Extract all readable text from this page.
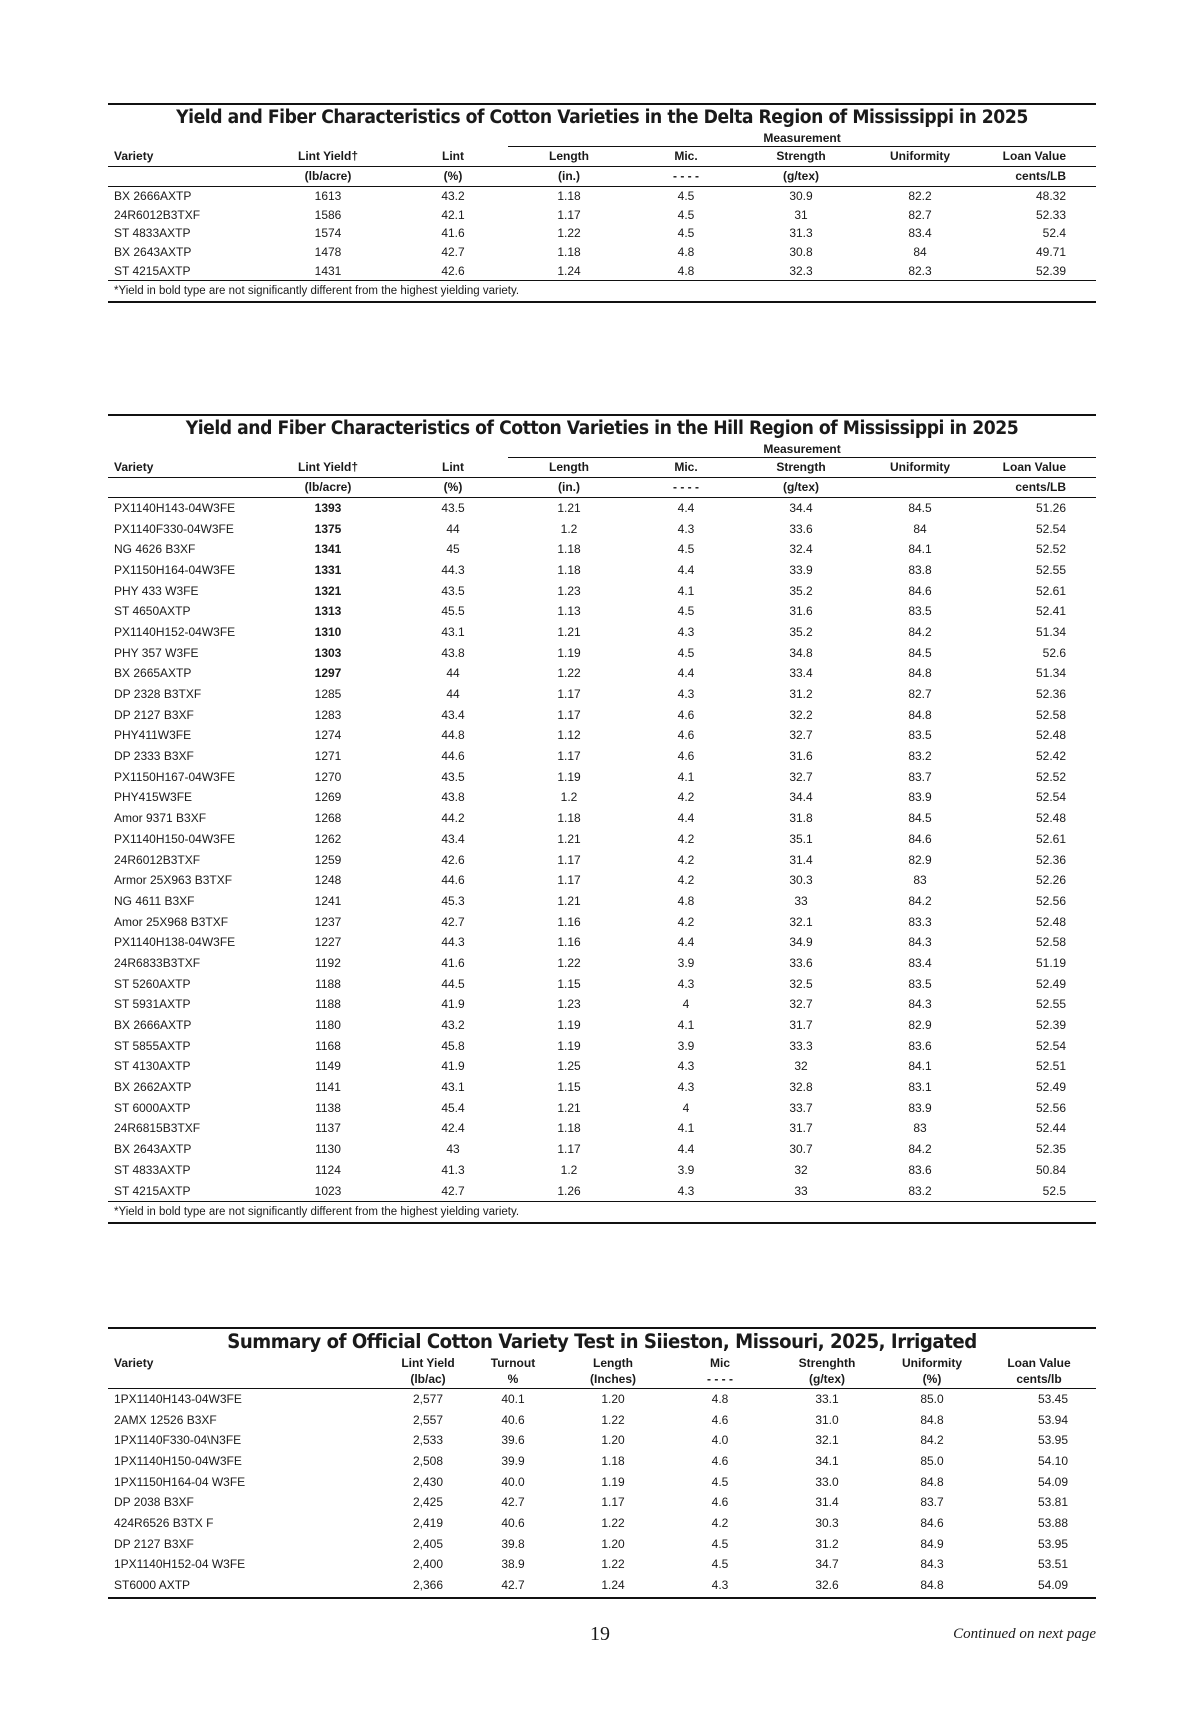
Yield and Fiber Characteristics of Cotton Varieties in the Delta Region of Mississippi in 2025
			Measurement				
Variety	Lint Yield†	Lint	Length	Mic.	Strength	Uniformity	Loan Value
	(lb/acre)	(%)	(in.)	- - - -	(g/tex)		cents/LB
BX 2666AXTP	1613	43.2	1.18	4.5	30.9	82.2	48.32
24R6012B3TXF	1586	42.1	1.17	4.5	31	82.7	52.33
ST 4833AXTP	1574	41.6	1.22	4.5	31.3	83.4	52.4
BX 2643AXTP	1478	42.7	1.18	4.8	30.8	84	49.71
ST 4215AXTP	1431	42.6	1.24	4.8	32.3	82.3	52.39
*Yield in bold type are not significantly different from the highest yielding variety.
Yield and Fiber Characteristics of Cotton Varieties in the Hill Region of Mississippi in 2025
			Measurement				
Variety	Lint Yield†	Lint	Length	Mic.	Strength	Uniformity	Loan Value
	(lb/acre)	(%)	(in.)	- - - -	(g/tex)		cents/LB
PX1140H143-04W3FE	1393	43.5	1.21	4.4	34.4	84.5	51.26
PX1140F330-04W3FE	1375	44	1.2	4.3	33.6	84	52.54
NG 4626 B3XF	1341	45	1.18	4.5	32.4	84.1	52.52
PX1150H164-04W3FE	1331	44.3	1.18	4.4	33.9	83.8	52.55
PHY 433 W3FE	1321	43.5	1.23	4.1	35.2	84.6	52.61
ST 4650AXTP	1313	45.5	1.13	4.5	31.6	83.5	52.41
PX1140H152-04W3FE	1310	43.1	1.21	4.3	35.2	84.2	51.34
PHY 357 W3FE	1303	43.8	1.19	4.5	34.8	84.5	52.6
BX 2665AXTP	1297	44	1.22	4.4	33.4	84.8	51.34
DP 2328 B3TXF	1285	44	1.17	4.3	31.2	82.7	52.36
DP 2127 B3XF	1283	43.4	1.17	4.6	32.2	84.8	52.58
PHY411W3FE	1274	44.8	1.12	4.6	32.7	83.5	52.48
DP 2333 B3XF	1271	44.6	1.17	4.6	31.6	83.2	52.42
PX1150H167-04W3FE	1270	43.5	1.19	4.1	32.7	83.7	52.52
PHY415W3FE	1269	43.8	1.2	4.2	34.4	83.9	52.54
Amor 9371 B3XF	1268	44.2	1.18	4.4	31.8	84.5	52.48
PX1140H150-04W3FE	1262	43.4	1.21	4.2	35.1	84.6	52.61
24R6012B3TXF	1259	42.6	1.17	4.2	31.4	82.9	52.36
Armor 25X963 B3TXF	1248	44.6	1.17	4.2	30.3	83	52.26
NG 4611 B3XF	1241	45.3	1.21	4.8	33	84.2	52.56
Amor 25X968 B3TXF	1237	42.7	1.16	4.2	32.1	83.3	52.48
PX1140H138-04W3FE	1227	44.3	1.16	4.4	34.9	84.3	52.58
24R6833B3TXF	1192	41.6	1.22	3.9	33.6	83.4	51.19
ST 5260AXTP	1188	44.5	1.15	4.3	32.5	83.5	52.49
ST 5931AXTP	1188	41.9	1.23	4	32.7	84.3	52.55
BX 2666AXTP	1180	43.2	1.19	4.1	31.7	82.9	52.39
ST 5855AXTP	1168	45.8	1.19	3.9	33.3	83.6	52.54
ST 4130AXTP	1149	41.9	1.25	4.3	32	84.1	52.51
BX 2662AXTP	1141	43.1	1.15	4.3	32.8	83.1	52.49
ST 6000AXTP	1138	45.4	1.21	4	33.7	83.9	52.56
24R6815B3TXF	1137	42.4	1.18	4.1	31.7	83	52.44
BX 2643AXTP	1130	43	1.17	4.4	30.7	84.2	52.35
ST 4833AXTP	1124	41.3	1.2	3.9	32	83.6	50.84
ST 4215AXTP	1023	42.7	1.26	4.3	33	83.2	52.5
*Yield in bold type are not significantly different from the highest yielding variety.
Summary of Official Cotton Variety Test in Siieston, Missouri, 2025, Irrigated
Variety	Lint Yield	Turnout	Length	Mic	Strenghth	Uniformity	Loan Value
	(lb/ac)	%	(Inches)	- - - -	(g/tex)	(%)	cents/lb
1PX1140H143-04W3FE	2,577	40.1	1.20	4.8	33.1	85.0	53.45
2AMX 12526 B3XF	2,557	40.6	1.22	4.6	31.0	84.8	53.94
1PX1140F330-04\N3FE	2,533	39.6	1.20	4.0	32.1	84.2	53.95
1PX1140H150-04W3FE	2,508	39.9	1.18	4.6	34.1	85.0	54.10
1PX1150H164-04 W3FE	2,430	40.0	1.19	4.5	33.0	84.8	54.09
DP 2038 B3XF	2,425	42.7	1.17	4.6	31.4	83.7	53.81
424R6526 B3TX F	2,419	40.6	1.22	4.2	30.3	84.6	53.88
DP 2127 B3XF	2,405	39.8	1.20	4.5	31.2	84.9	53.95
1PX1140H152-04 W3FE	2,400	38.9	1.22	4.5	34.7	84.3	53.51
ST6000 AXTP	2,366	42.7	1.24	4.3	32.6	84.8	54.09
19	Continued on next page
